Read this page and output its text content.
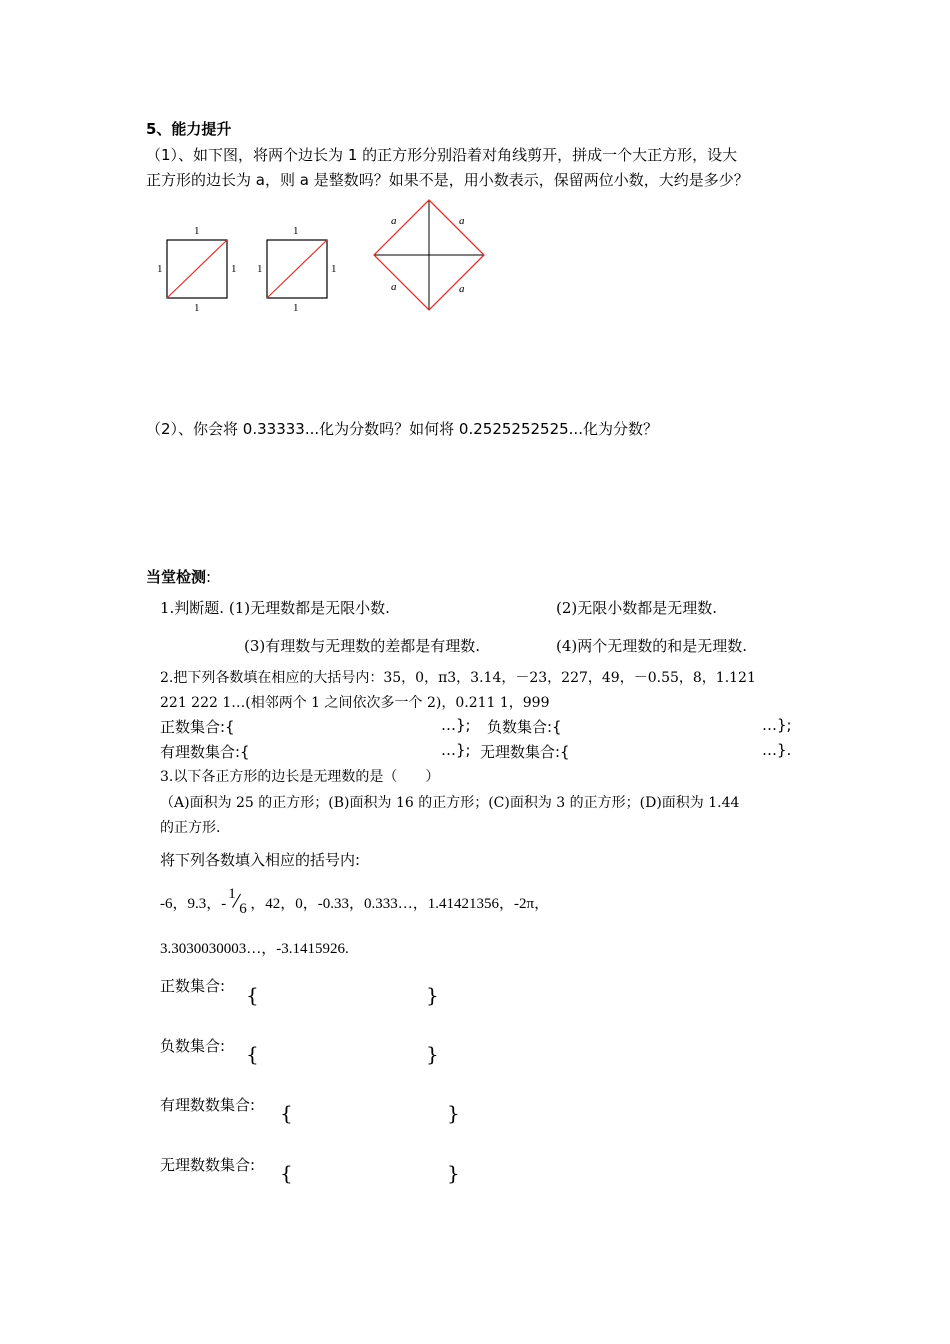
5、能力提升
（1）、如下图，将两个边长为 1 的正方形分别沿着对角线剪开，拼成一个大正方形，设大
正方形的边长为 a，则 a 是整数吗？如果不是，用小数表示，保留两位小数，大约是多少？
1
1
1	1
1
1
1	1
a	a
a	a
（2）、你会将 0.33333...化为分数吗？如何将 0.2525252525...化为分数？
当堂检测:
1.判断题. (1)无理数都是无限小数.	(2)无限小数都是无理数.
(3)有理数与无理数的差都是有理数.	(4)两个无理数的和是无理数.
2.把下列各数填在相应的大括号内：35，0，π3，3.14，－23，227，49，－0.55，8，1.121
221 222 1…(相邻两个 1 之间依次多一个 2)，0.211 1，999
正数集合:{	…}; 负数集合:{	…};
有理数集合:{	…}; 无理数集合:{	…}.
3.以下各正方形的边长是无理数的是（　　）
（A)面积为 25 的正方形；(B)面积为 16 的正方形；(C)面积为 3 的正方形；(D)面积为 1.44
的正方形.
将下列各数填入相应的括号内:
-6，9.3，-
1
6 ，42，0，-0.33，0.333…，1.41421356，-2π，
3.3030030003…，-3.1415926.
正数集合: {	}
负数集合: {	}
有理数数集合: {	}
无理数数集合: {	}
